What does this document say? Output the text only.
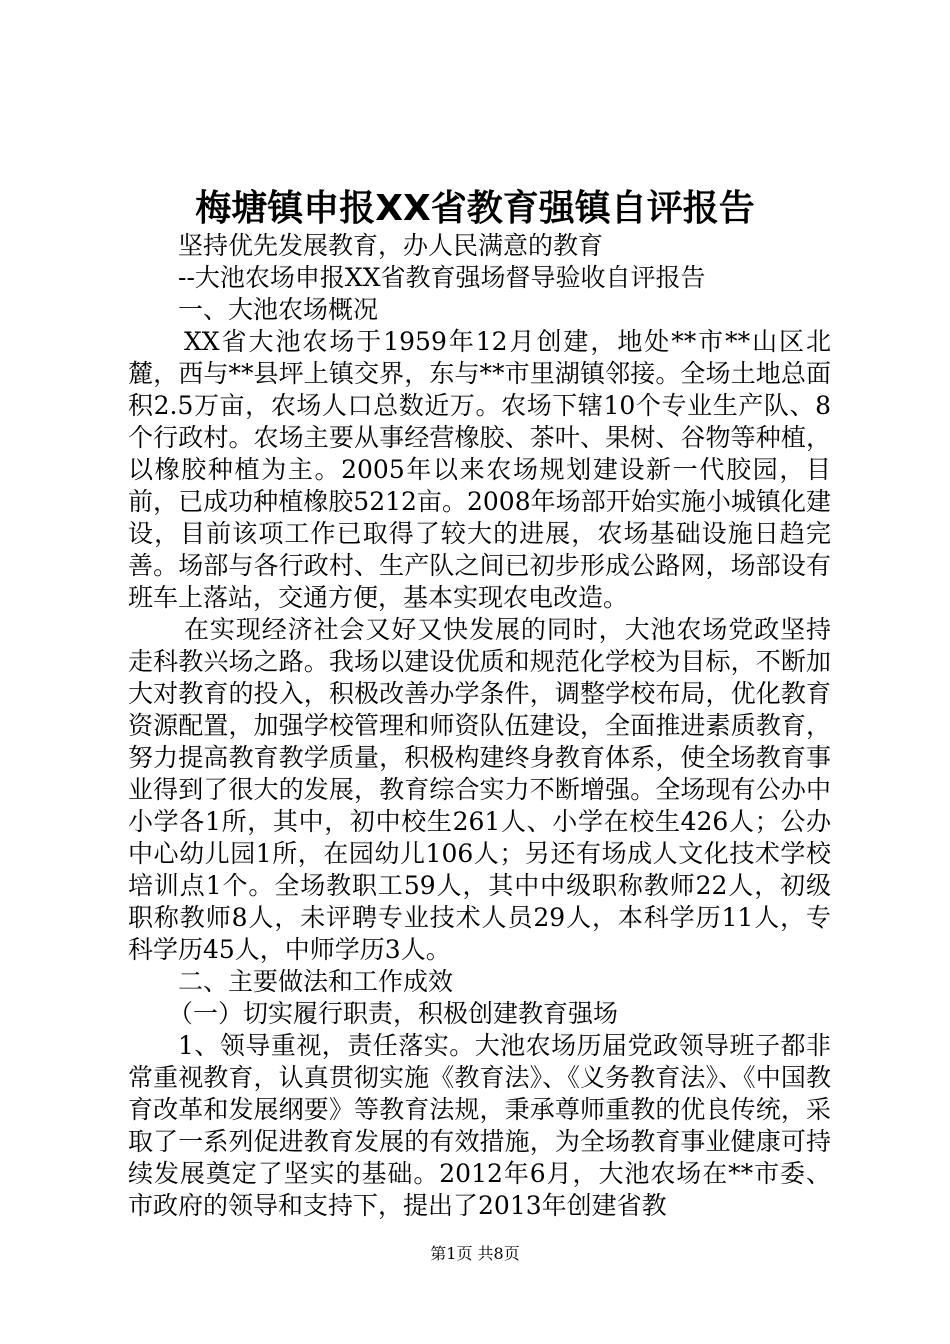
梅塘镇申报XX省教育强镇自评报告

坚持优先发展教育，办人民满意的教育

--大池农场申报XX省教育强场督导验收自评报告

一、大池农场概况

XX省大池农场于1959年12月创建，地处**市**山区北麓，西与**县坪上镇交界，东与**市里湖镇邻接。全场土地总面积2.5万亩，农场人口总数近万。农场下辖10个专业生产队、8个行政村。农场主要从事经营橡胶、茶叶、果树、谷物等种植，以橡胶种植为主。2005年以来农场规划建设新一代胶园，目前，已成功种植橡胶5212亩。2008年场部开始实施小城镇化建设，目前该项工作已取得了较大的进展，农场基础设施日趋完善。场部与各行政村、生产队之间已初步形成公路网，场部设有班车上落站，交通方便，基本实现农电改造。

在实现经济社会又好又快发展的同时，大池农场党政坚持走科教兴场之路。我场以建设优质和规范化学校为目标，不断加大对教育的投入，积极改善办学条件，调整学校布局，优化教育资源配置，加强学校管理和师资队伍建设，全面推进素质教育，努力提高教育教学质量，积极构建终身教育体系，使全场教育事业得到了很大的发展，教育综合实力不断增强。全场现有公办中小学各1所，其中，初中校生261人、小学在校生426人；公办中心幼儿园1所，在园幼儿106人；另还有场成人文化技术学校培训点1个。全场教职工59人，其中中级职称教师22人，初级职称教师8人，未评聘专业技术人员29人，本科学历11人，专科学历45人，中师学历3人。

二、主要做法和工作成效

（一）切实履行职责，积极创建教育强场

1、领导重视，责任落实。大池农场历届党政领导班子都非常重视教育，认真贯彻实施《教育法》、《义务教育法》、《中国教育改革和发展纲要》等教育法规，秉承尊师重教的优良传统，采取了一系列促进教育发展的有效措施，为全场教育事业健康可持续发展奠定了坚实的基础。2012年6月，大池农场在**市委、市政府的领导和支持下，提出了2013年创建省教

第1页 共8页
